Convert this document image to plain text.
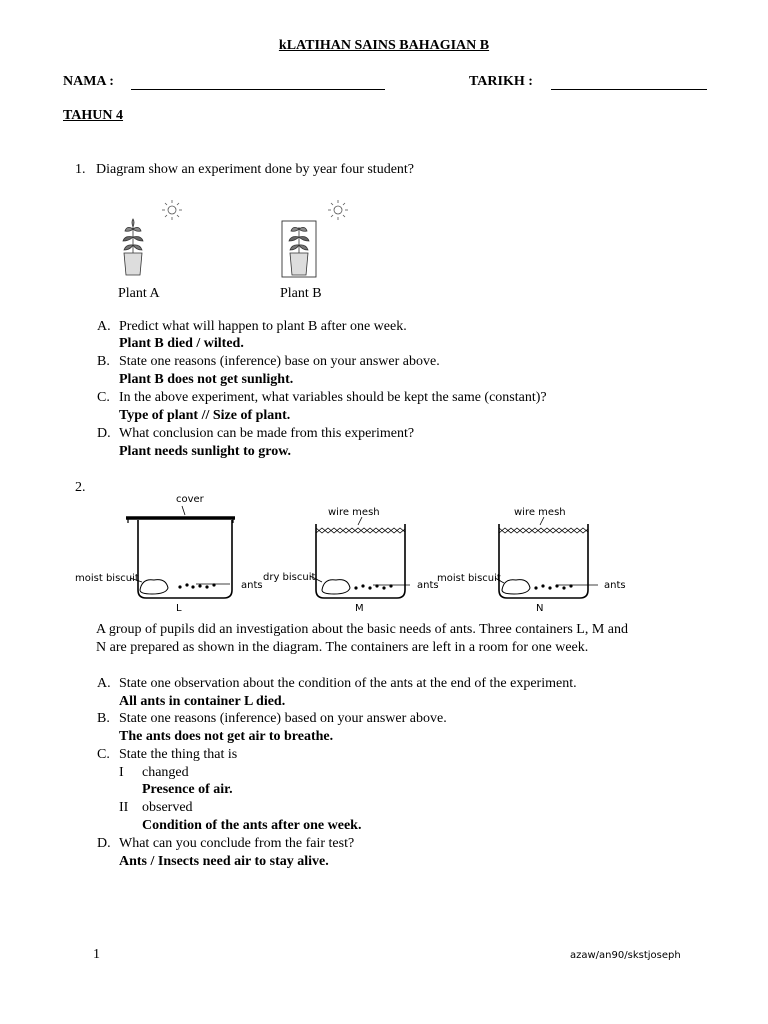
kLATIHAN SAINS BAHAGIAN B
NAMA :	TARIKH :
TAHUN 4
1. Diagram show an experiment done by year four student?
Plant A	Plant B
A. Predict what will happen to plant B after one week.
Plant B died / wilted.
B. State one reasons (inference) base on your answer above.
Plant B does not get sunlight.
C. In the above experiment, what variables should be kept the same (constant)?
Type of plant // Size of plant.
D. What conclusion can be made from this experiment?
Plant needs sunlight to grow.
2.
cover
wire mesh	wire mesh
moist biscuit
ants
dry biscuit
ants
moist biscuit
ants
L	M	N
A group of pupils did an investigation about the basic needs of ants. Three containers L, M and
N are prepared as shown in the diagram. The containers are left in a room for one week.
A. State one observation about the condition of the ants at the end of the experiment.
All ants in container L died.
B. State one reasons (inference) based on your answer above.
The ants does not get air to breathe.
C. State the thing that is
I changed
Presence of air.
II observed
Condition of the ants after one week.
D. What can you conclude from the fair test?
Ants / Insects need air to stay alive.
1	azaw/an90/skstjoseph
